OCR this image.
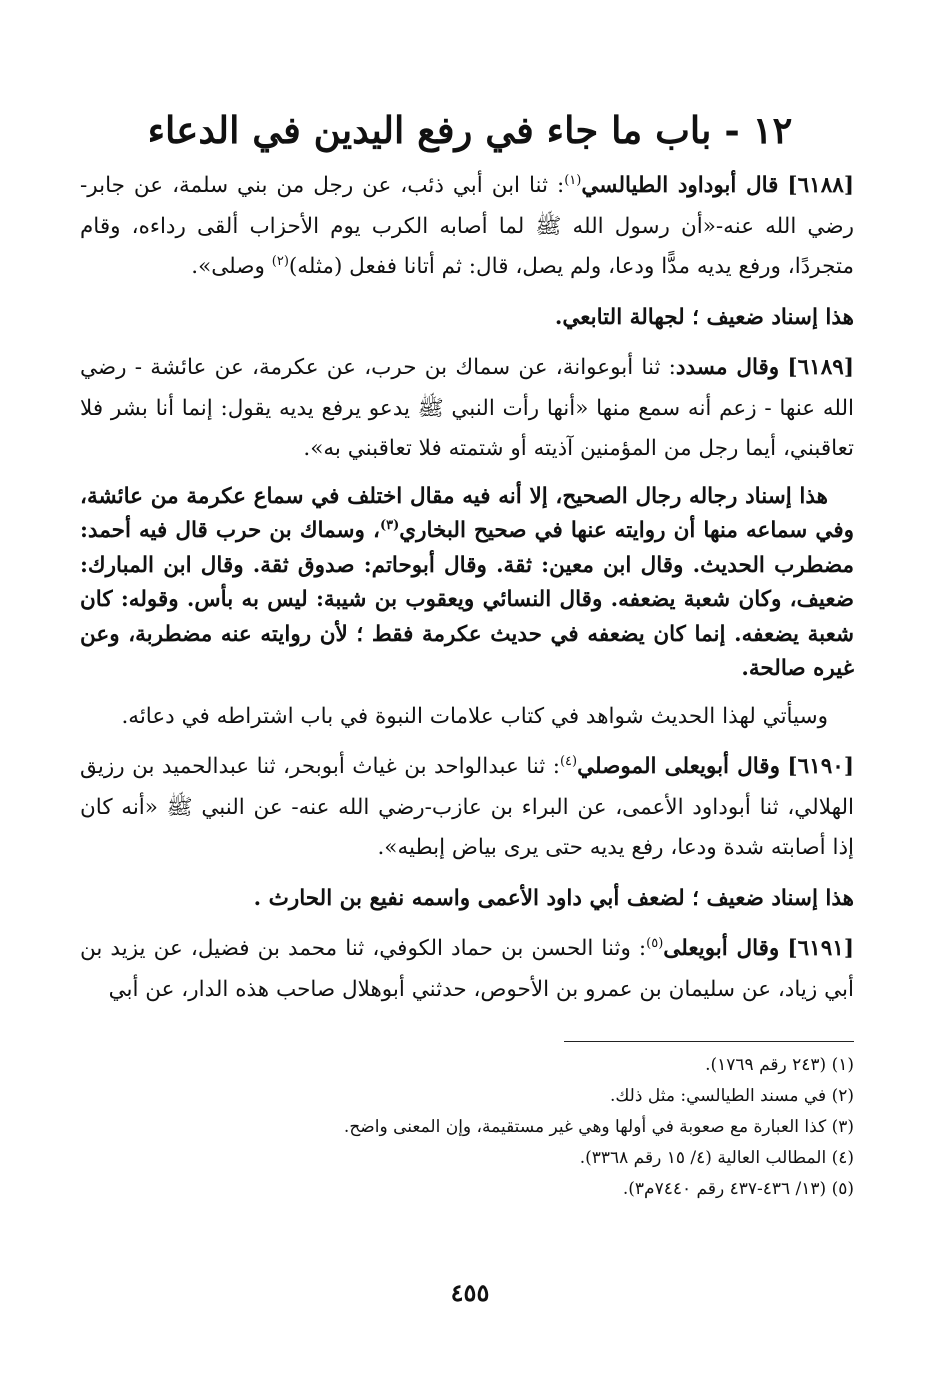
١٢ - باب ما جاء في رفع اليدين في الدعاء

[٦١٨٨] قال أبوداود الطيالسي$^{(١)}$: ثنا ابن أبي ذئب، عن رجل من بني سلمة، عن جابر- رضي الله عنه-«أن رسول الله ﷺ لما أصابه الكرب يوم الأحزاب ألقى رداءه، وقام متجردًا، ورفع يديه مدًّا ودعا، ولم يصل، قال: ثم أتانا ففعل (مثله)$^{(٢)}$ وصلى».

هذا إسناد ضعيف ؛ لجهالة التابعي.

[٦١٨٩] وقال مسدد: ثنا أبوعوانة، عن سماك بن حرب، عن عكرمة، عن عائشة - رضي الله عنها - زعم أنه سمع منها «أنها رأت النبي ﷺ يدعو يرفع يديه يقول: إنما أنا بشر فلا تعاقبني، أيما رجل من المؤمنين آذيته أو شتمته فلا تعاقبني به».

هذا إسناد رجاله رجال الصحيح، إلا أنه فيه مقال اختلف في سماع عكرمة من عائشة، وفي سماعه منها أن روايته عنها في صحيح البخاري$^{(٣)}$، وسماك بن حرب قال فيه أحمد: مضطرب الحديث. وقال ابن معين: ثقة. وقال أبوحاتم: صدوق ثقة. وقال ابن المبارك: ضعيف، وكان شعبة يضعفه. وقال النسائي ويعقوب بن شيبة: ليس به بأس. وقوله: كان شعبة يضعفه. إنما كان يضعفه في حديث عكرمة فقط ؛ لأن روايته عنه مضطربة، وعن غيره صالحة.

وسيأتي لهذا الحديث شواهد في كتاب علامات النبوة في باب اشتراطه في دعائه.

[٦١٩٠] وقال أبويعلى الموصلي$^{(٤)}$: ثنا عبدالواحد بن غياث أبوبحر، ثنا عبدالحميد بن رزيق الهلالي، ثنا أبوداود الأعمى، عن البراء بن عازب-رضي الله عنه- عن النبي ﷺ «أنه كان إذا أصابته شدة ودعا، رفع يديه حتى يرى بياض إبطيه».

هذا إسناد ضعيف ؛ لضعف أبي داود الأعمى واسمه نفيع بن الحارث .

[٦١٩١] وقال أبويعلى$^{(٥)}$: وثنا الحسن بن حماد الكوفي، ثنا محمد بن فضيل، عن يزيد بن أبي زياد، عن سليمان بن عمرو بن الأحوص، حدثني أبوهلال صاحب هذه الدار، عن أبي

(١) (٢٤٣ رقم ١٧٦٩).
(٢) في مسند الطيالسي: مثل ذلك.
(٣) كذا العبارة مع صعوبة في أولها وهي غير مستقيمة، وإن المعنى واضح.
(٤) المطالب العالية (٤/ ١٥ رقم ٣٣٦٨).
(٥) (١٣/ ٤٣٦-٤٣٧ رقم ٧٤٤٠م٣).
٤٥٥
